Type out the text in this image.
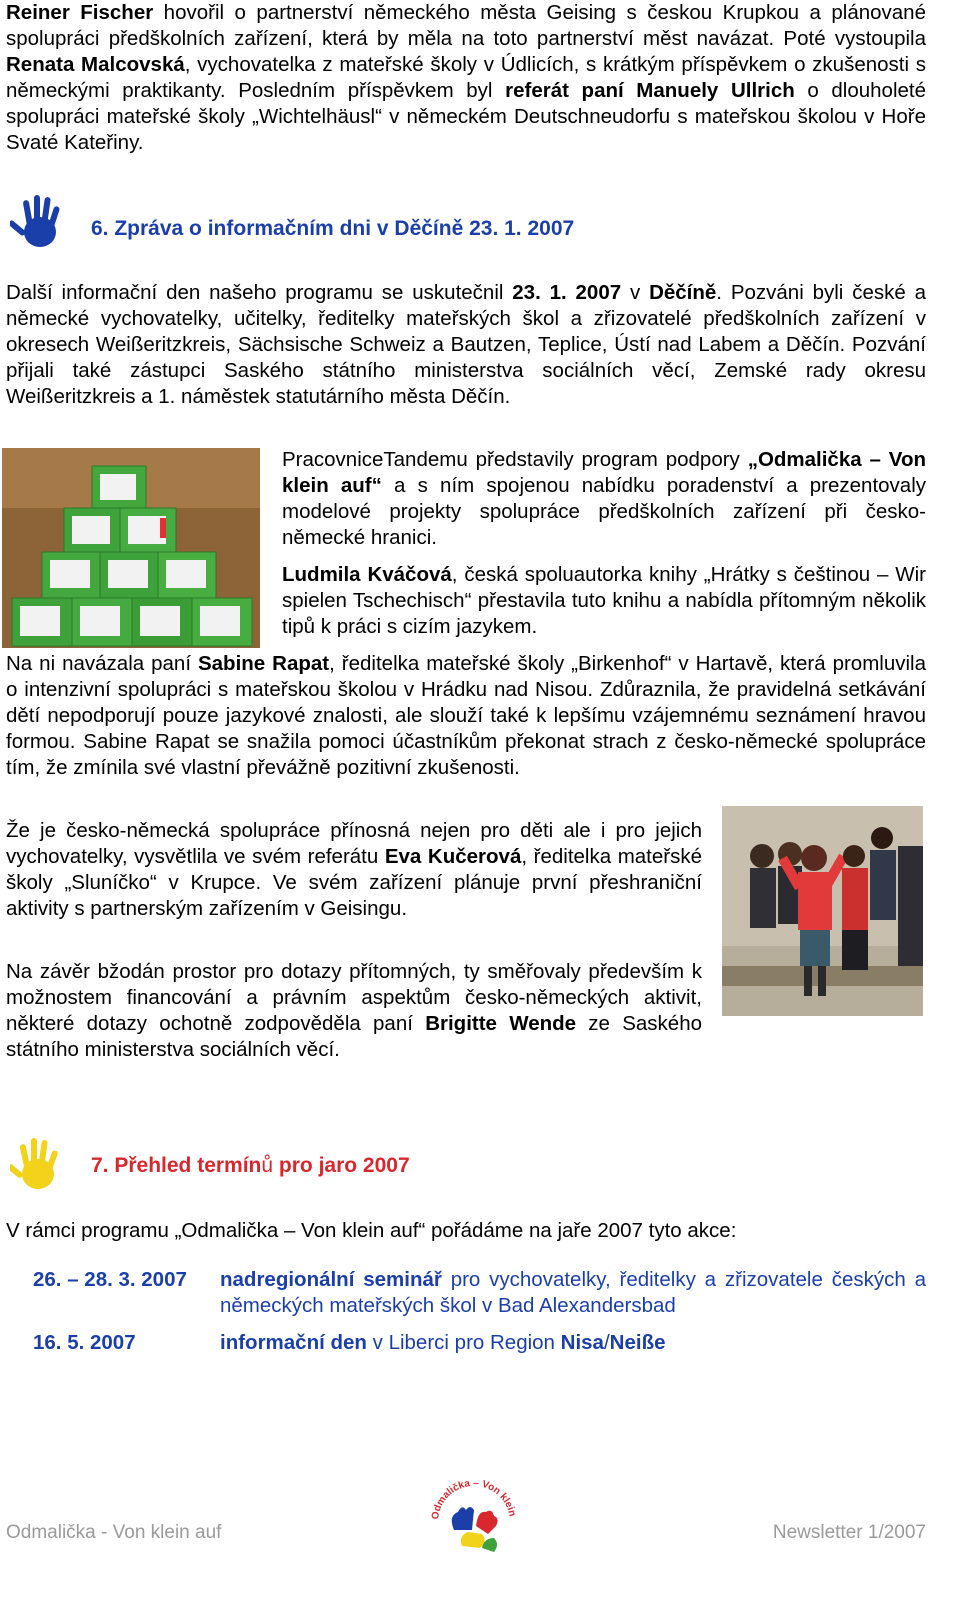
Reiner Fischer hovořil o partnerství německého města Geising s českou Krupkou a plánované spolupráci předškolních zařízení, která by měla na toto partnerství měst navázat. Poté vystoupila Renata Malcovská, vychovatelka z mateřské školy v Údlicích, s krátkým příspěvkem o zkušenosti s německými praktikanty. Posledním příspěvkem byl referát paní Manuely Ullrich o dlouholeté spolupráci mateřské školy „Wichtelhäusl“ v německém Deutschneudorfu s mateřskou školou v Hoře Svaté Kateřiny.
6. Zpráva o informačním dni v Děčíně 23. 1. 2007
Další informační den našeho programu se uskutečnil 23. 1. 2007 v Děčíně. Pozváni byli české a německé vychovatelky, učitelky, ředitelky mateřských škol a zřizovatelé předškolních zařízení v okresech Weißeritzkreis, Sächsische Schweiz a Bautzen, Teplice, Ústí nad Labem a Děčín. Pozvání přijali také zástupci Saského státního ministerstva sociálních věcí, Zemské rady okresu Weißeritzkreis a 1. náměstek statutárního města Děčín.
PracovniceTandemu představily program podpory „Odmalička – Von klein auf“ a s ním spojenou nabídku poradenství a prezentovaly modelové projekty spolupráce předškolních zařízení při česko-německé hranici.
Ludmila Kváčová, česká spoluautorka knihy „Hrátky s češtinou – Wir spielen Tschechisch“ přestavila tuto knihu a nabídla přítomným několik tipů k práci s cizím jazykem.
Na ni navázala paní Sabine Rapat, ředitelka mateřské školy „Birkenhof“ v Hartavě, která promluvila o intenzivní spolupráci s mateřskou školou v Hrádku nad Nisou. Zdůraznila, že pravidelná setkávání dětí nepodporují pouze jazykové znalosti, ale slouží také k lepšímu vzájemnému seznámení hravou formou. Sabine Rapat se snažila pomoci účastníkům překonat strach z česko-německé spolupráce tím, že zmínila své vlastní převážně pozitivní zkušenosti.
Že je česko-německá spolupráce přínosná nejen pro děti ale i pro jejich vychovatelky, vysvětlila ve svém referátu Eva Kučerová, ředitelka mateřské školy „Sluníčko“ v Krupce. Ve svém zařízení plánuje první přeshraniční aktivity s partnerským zařízením v Geisingu.
Na závěr bžodán prostor pro dotazy přítomných, ty směřovaly především k možnostem financování a právním aspektům česko-německých aktivit, některé dotazy ochotně zodpověděla paní Brigitte Wende ze Saského státního ministerstva sociálních věcí.
7. Přehled termínů pro jaro 2007
V rámci programu „Odmalička – Von klein auf“ pořádáme na jaře 2007 tyto akce:
26. – 28. 3. 2007 nadregionální seminář pro vychovatelky, ředitelky a zřizovatele českých a německých mateřských škol v Bad Alexandersbad
16. 5. 2007	informační den v Liberci pro Region Nisa/Neiße
Odmalička - Von klein auf	Newsletter 1/2007
Odmalička – Von klein
